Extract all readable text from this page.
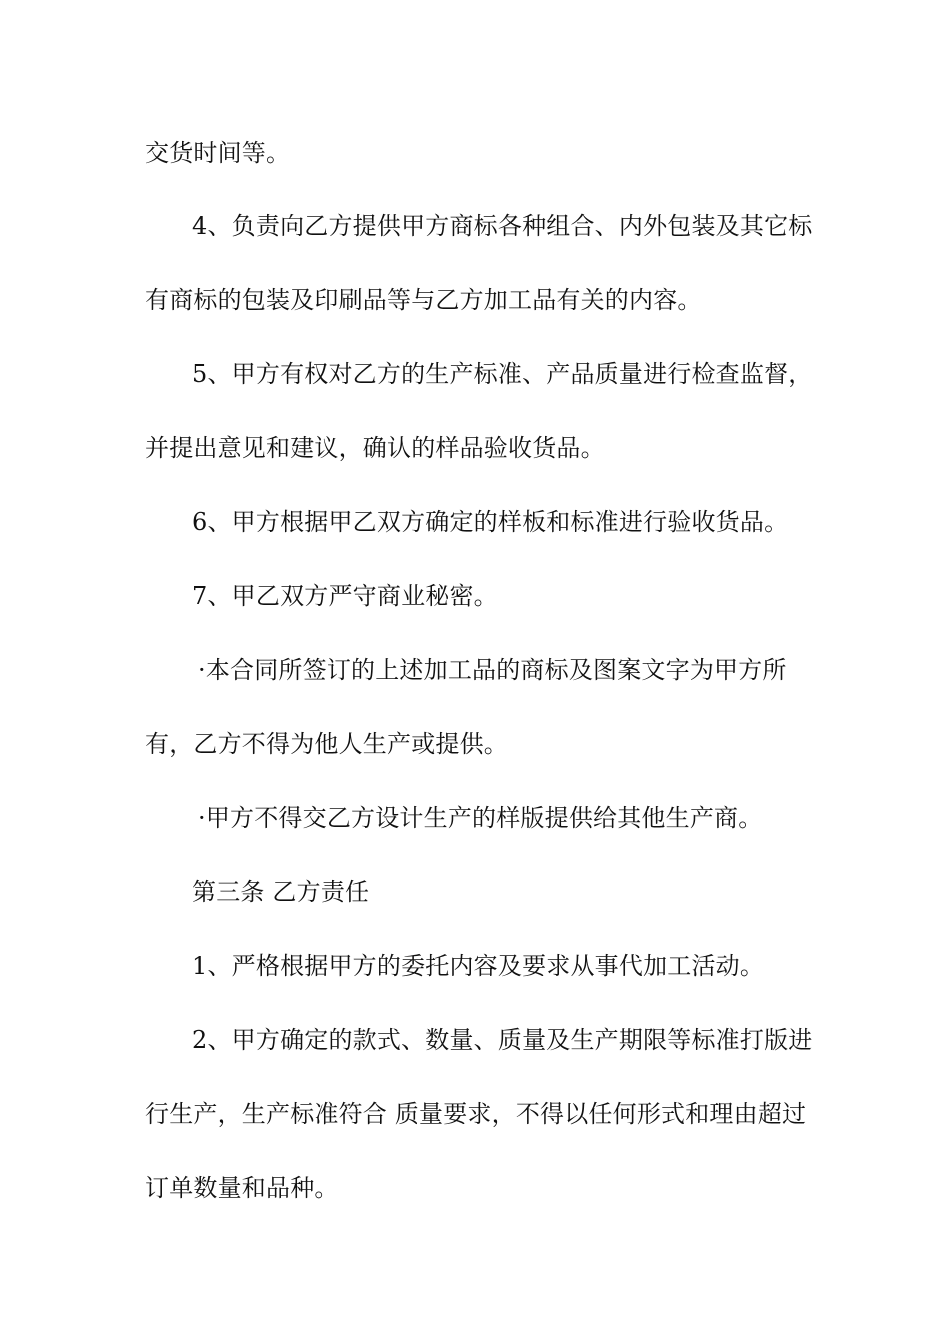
交货时间等。
4、负责向乙方提供甲方商标各种组合、内外包装及其它标
有商标的包装及印刷品等与乙方加工品有关的内容。
5、甲方有权对乙方的生产标准、产品质量进行检查监督，
并提出意见和建议，确认的样品验收货品。
6、甲方根据甲乙双方确定的样板和标准进行验收货品。
7、甲乙双方严守商业秘密。
·本合同所签订的上述加工品的商标及图案文字为甲方所
有，乙方不得为他人生产或提供。
·甲方不得交乙方设计生产的样版提供给其他生产商。
第三条 乙方责任
1、严格根据甲方的委托内容及要求从事代加工活动。
2、甲方确定的款式、数量、质量及生产期限等标准打版进
行生产，生产标准符合 质量要求，不得以任何形式和理由超过
订单数量和品种。
